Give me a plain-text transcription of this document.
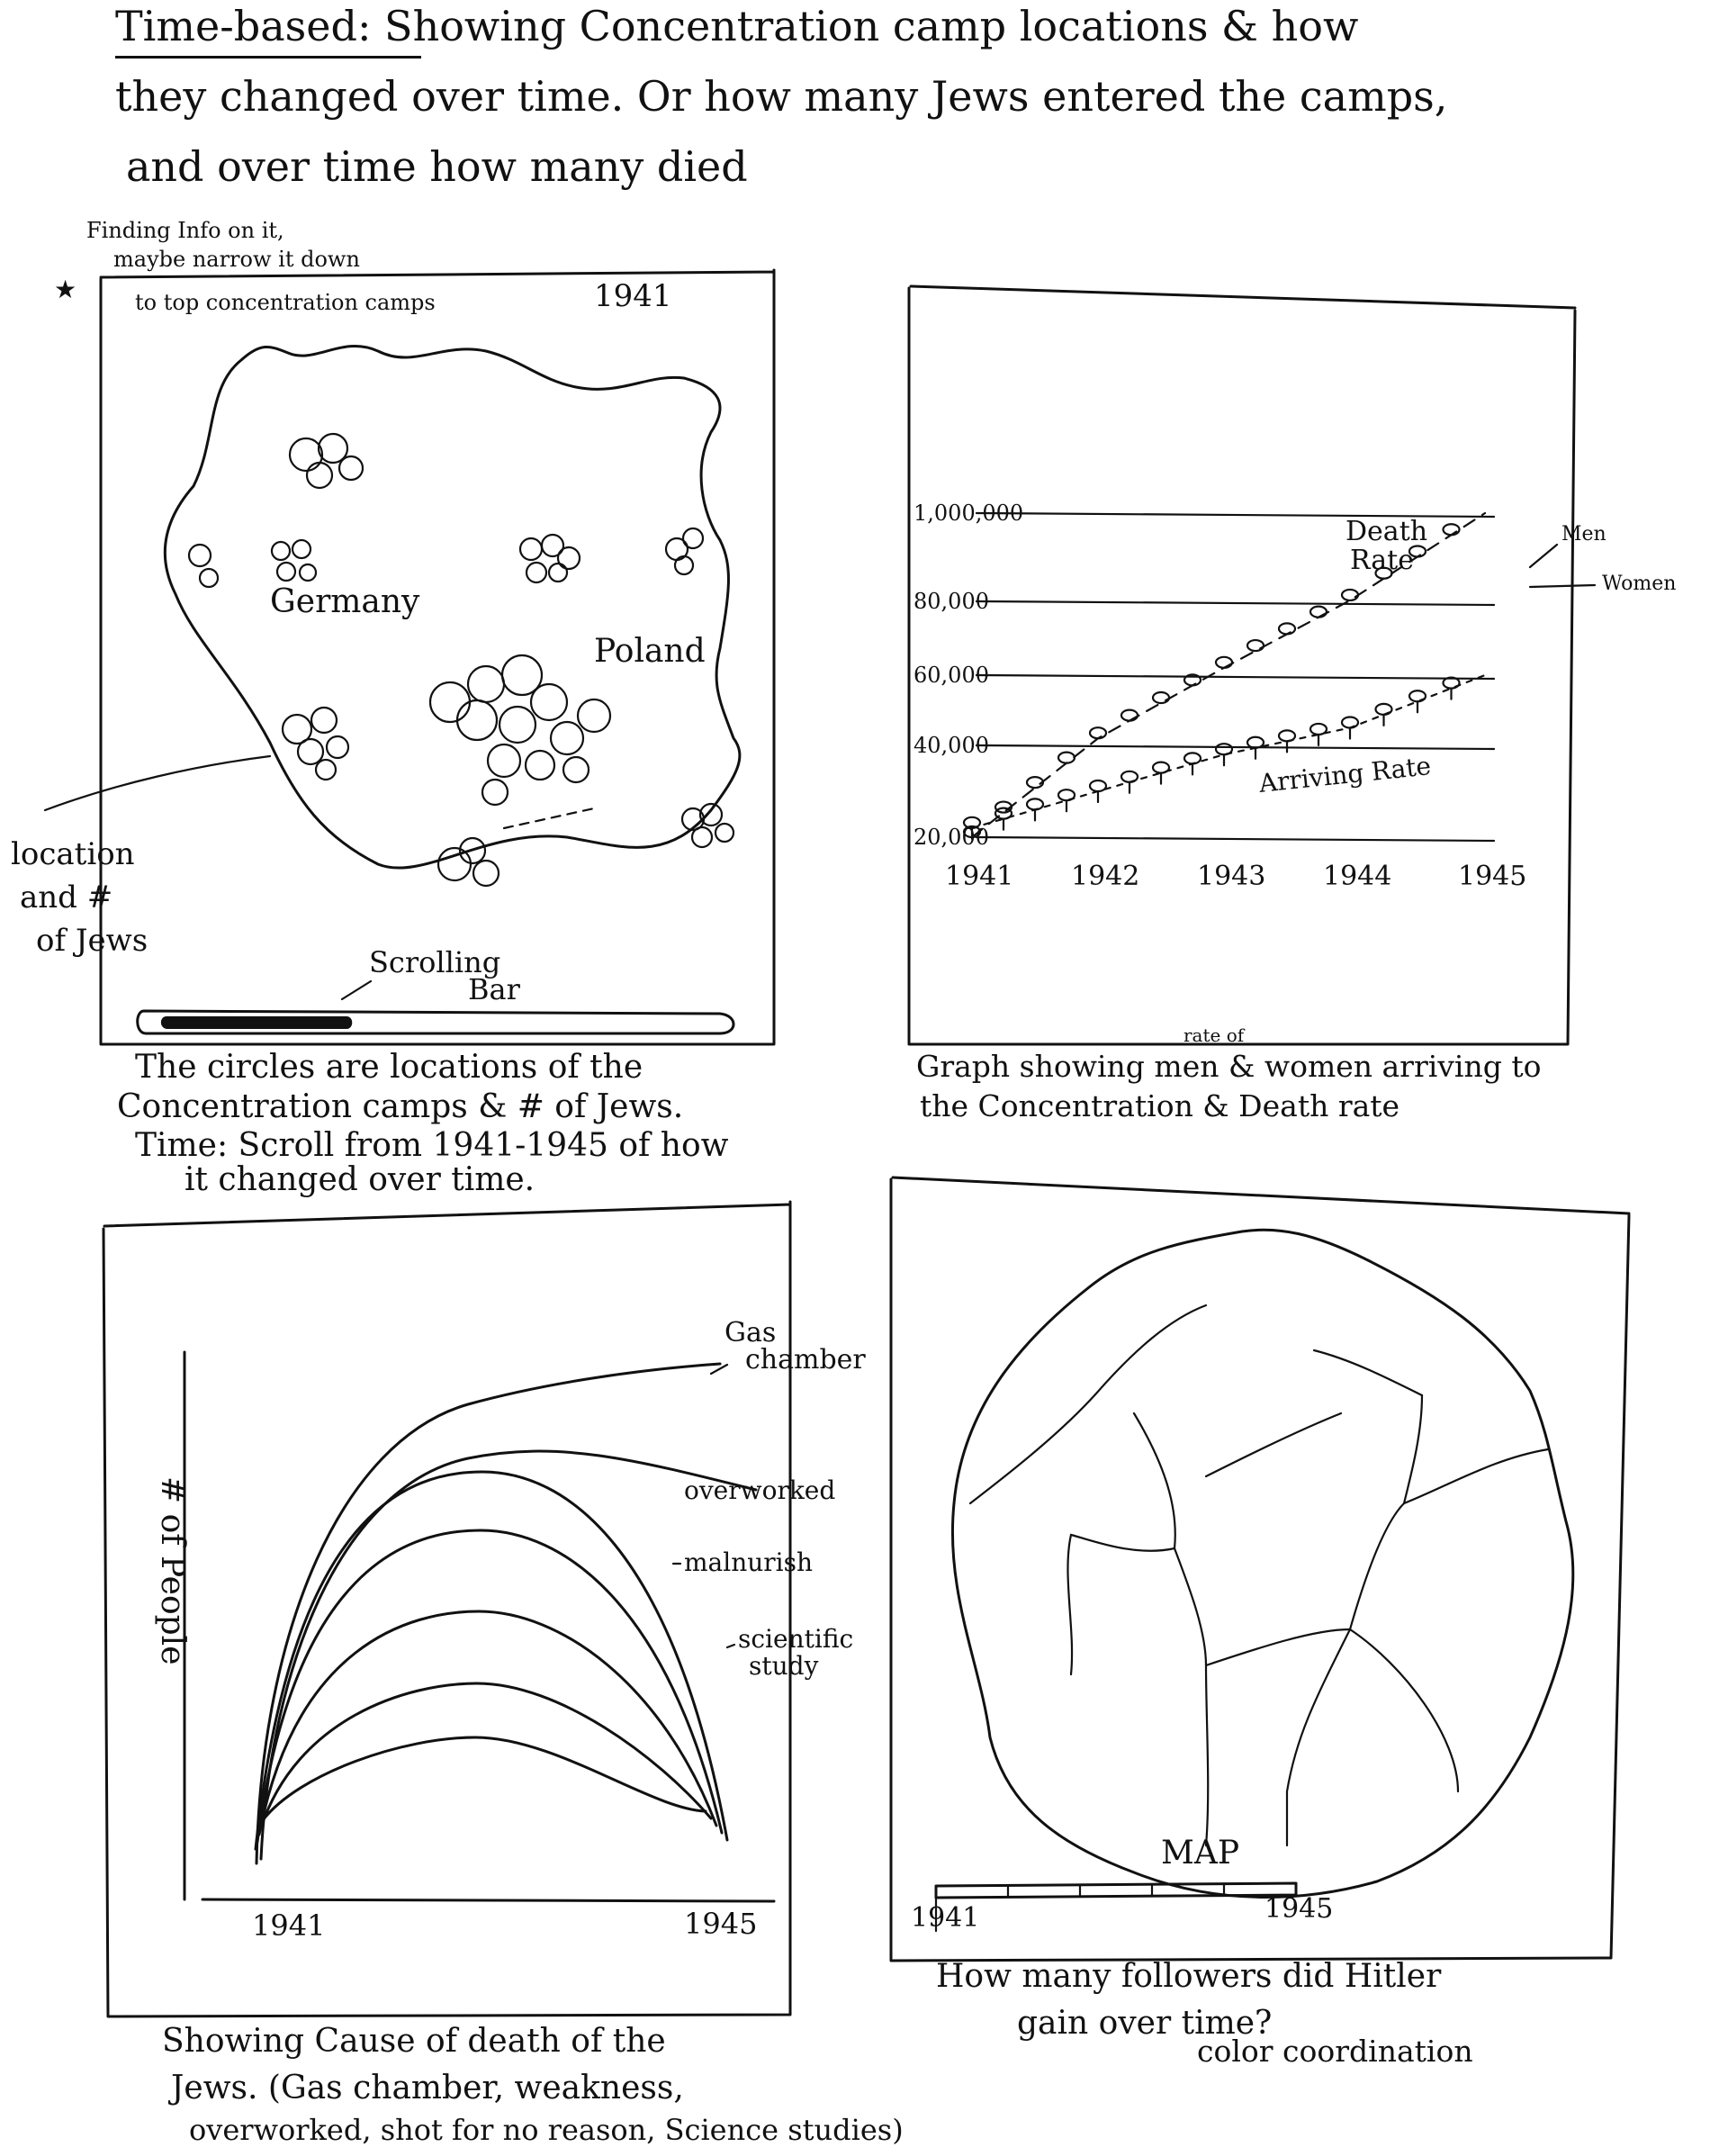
Time-based: Showing Concentration camp locations & how
they changed over time. Or how many Jews entered the camps,
and over time how many died
Finding Info on it,
maybe narrow it down
★	to top concentration camps	1941
Germany
Poland
location
and #
of Jews
Scrolling
Bar
The circles are locations of the
Concentration camps & # of Jews.
Time: Scroll from 1941-1945 of how
it changed over time.
20,000
40,000
60,000
80,000
1,000,000
1941 1942 1943 1944 1945
Death
Rate
Arriving Rate
Men
Women
rate of
Graph showing men & women arriving to
the Concentration & Death rate
# of People
1941	1945
Gas
chamber
overworked
malnurish
scientific
study
Showing Cause of death of the
Jews. (Gas chamber, weakness,
overworked, shot for no reason, Science studies)
MAP
1941	1945
How many followers did Hitler
gain over time?
color coordination
